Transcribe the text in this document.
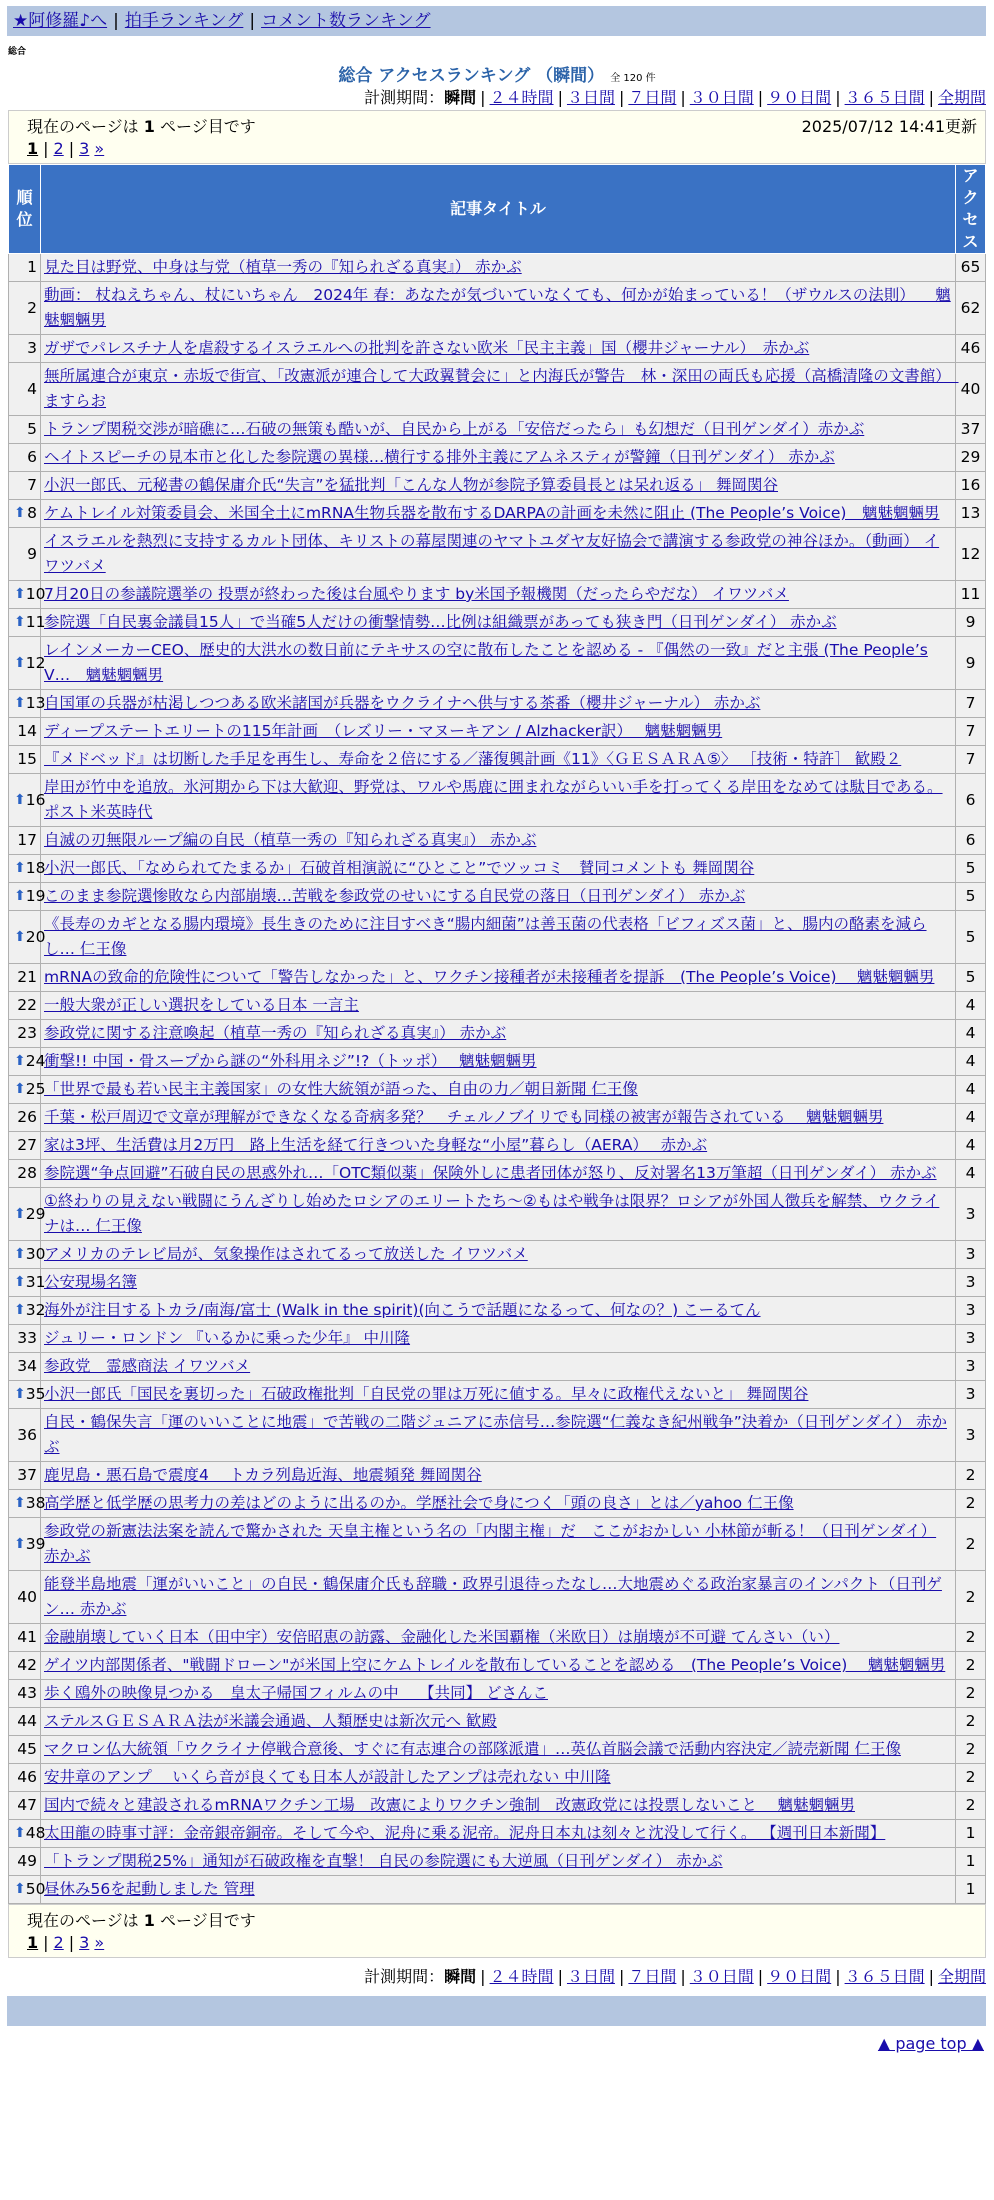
★阿修羅♪へ | 拍手ランキング | コメント数ランキング
総合
総合 アクセスランキング （瞬間） 全 120 件
計測期間：瞬間 | ２４時間 | ３日間 | ７日間 | ３０日間 | ９０日間 | ３６５日間 | 全期間
現在のページは 1 ページ目です	2025/07/12 14:41更新
1 | 2 | 3 »
順位	記事タイトル	アクセス
1	見た目は野党、中身は与党（植草一秀の『知られざる真実』） 赤かぶ	65
2	動画： 杖ねえちゃん、杖にいちゃん　2024年 春：あなたが気づいていなくても、何かが始まっている！（ザウルスの法則） 　魑魅魍魎男	62
3	ガザでパレスチナ人を虐殺するイスラエルへの批判を許さない欧米「民主主義」国（櫻井ジャーナル）　赤かぶ	46
4	無所属連合が東京・赤坂で街宣、「改憲派が連合して大政翼賛会に」と内海氏が警告　林・深田の両氏も応援（高橋清隆の文書館）　ますらお	40
5	トランプ関税交渉が暗礁に…石破の無策も酷いが、自民から上がる「安倍だったら」も幻想だ（日刊ゲンダイ）赤かぶ	37
6	ヘイトスピーチの見本市と化した参院選の異様…横行する排外主義にアムネスティが警鐘（日刊ゲンダイ） 赤かぶ	29
7	小沢一郎氏、元秘書の鶴保庸介氏“失言”を猛批判「こんな人物が参院予算委員長とは呆れ返る」 舞岡関谷	16

⬆ 8	ケムトレイル対策委員会、米国全土にmRNA生物兵器を散布するDARPAの計画を未然に阻止 (The People’s Voice)　魑魅魍魎男	13
9	イスラエルを熱烈に支持するカルト団体、キリストの幕屋関連のヤマトユダヤ友好協会で講演する参政党の神谷ほか。（動画） イワツバメ	12

⬆ 10	7月20日の参議院選挙の 投票が終わった後は台風やります by米国予報機関（だったらやだな） イワツバメ	11

⬆ 11	参院選「自民裏金議員15人」で当確5人だけの衝撃情勢…比例は組織票があっても狭き門（日刊ゲンダイ） 赤かぶ	9

⬆ 12	レインメーカーCEO、歴史的大洪水の数日前にテキサスの空に散布したことを認める - 『偶然の一致』だと主張 (The People’s V…　魑魅魍魎男	9

⬆ 13	自国軍の兵器が枯渇しつつある欧米諸国が兵器をウクライナへ供与する茶番（櫻井ジャーナル） 赤かぶ	7
14	ディープステートエリートの115年計画　（レズリー・マヌーキアン / Alzhacker訳）　 魑魅魍魎男	7
15	『メドベッド』は切断した手足を再生し、寿命を２倍にする／藩復興計画《11》〈ＧＥＳＡＲＡ⑤〉 ［技術・特許］ 歓殿２	7

⬆ 16	岸田が竹中を追放。氷河期から下は大歓迎、野党は、ワルや馬鹿に囲まれながらいい手を打ってくる岸田をなめては駄目である。 ポスト米英時代	6
17	自滅の刃無限ループ編の自民（植草一秀の『知られざる真実』） 赤かぶ	6

⬆ 18	小沢一郎氏、「なめられてたまるか」石破首相演説に“ひとこと”でツッコミ　賛同コメントも 舞岡関谷	5

⬆ 19	このまま参院選惨敗なら内部崩壊…苦戦を参政党のせいにする自民党の落日（日刊ゲンダイ） 赤かぶ	5

⬆ 20	《長寿のカギとなる腸内環境》長生きのために注目すべき“腸内細菌”は善玉菌の代表格「ビフィズス菌」と、腸内の酪素を減らし… 仁王像	5
21	mRNAの致命的危険性について「警告しなかった」と、ワクチン接種者が未接種者を提訴　(The People’s Voice)　 魑魅魍魎男	5
22	一般大衆が正しい選択をしている日本 一言主	4
23	参政党に関する注意喚起（植草一秀の『知られざる真実』） 赤かぶ	4

⬆ 24	衝撃!! 中国・骨スープから謎の“外科用ネジ”!?（トッポ）　 魑魅魍魎男	4

⬆ 25	「世界で最も若い民主主義国家」の女性大統領が語った、自由の力／朝日新聞 仁王像	4
26	千葉・松戸周辺で文章が理解ができなくなる奇病多発？　チェルノブイリでも同様の被害が報告されている　 魑魅魍魎男	4
27	家は3坪、生活費は月2万円　路上生活を経て行きついた身軽な“小屋”暮らし（AERA）　 赤かぶ	4
28	参院選“争点回避”石破自民の思惑外れ…「OTC類似薬」保険外しに患者団体が怒り、反対署名13万筆超（日刊ゲンダイ） 赤かぶ	4

⬆ 29	①終わりの見えない戦闘にうんざりし始めたロシアのエリートたち～②もはや戦争は限界？ロシアが外国人徴兵を解禁、ウクライナは… 仁王像	3

⬆ 30	アメリカのテレビ局が、気象操作はされてるって放送した イワツバメ	3

⬆ 31	公安現場名簿	3

⬆ 32	海外が注目するトカラ/南海/富士 (Walk in the spirit)(向こうで話題になるって、何なの？) こーるてん	3
33	ジュリー・ロンドン 『いるかに乗った少年』 中川隆	3
34	参政党　霊感商法 イワツバメ	3

⬆ 35	小沢一郎氏「国民を裏切った」石破政権批判「自民党の罪は万死に値する。早々に政権代えないと」 舞岡関谷	3
36	自民・鶴保失言「運のいいことに地震」で苦戦の二階ジュニアに赤信号…参院選“仁義なき紀州戦争”決着か（日刊ゲンダイ） 赤かぶ	3
37	鹿児島・悪石島で震度4　 トカラ列島近海、地震頻発 舞岡関谷	2

⬆ 38	高学歴と低学歴の思考力の差はどのように出るのか。学歴社会で身につく「頭の良さ」とは／yahoo 仁王像	2

⬆ 39	参政党の新憲法法案を読んで驚かされた 天皇主権という名の「内閣主権」だ　ここがおかしい 小林節が斬る！（日刊ゲンダイ） 赤かぶ	2
40	能登半島地震「運がいいこと」の自民・鶴保庸介氏も辞職・政界引退待ったなし…大地震めぐる政治家暴言のインパクト（日刊ゲン… 赤かぶ	2
41	金融崩壊していく日本（田中宇）安倍昭恵の訪露、金融化した米国覇権（米欧日）は崩壊が不可避 てんさい（い）	2
42	ゲイツ内部関係者、"戦闘ドローン"が米国上空にケムトレイルを散布していることを認める　(The People’s Voice)　 魑魅魍魎男	2
43	歩く鴎外の映像見つかる　皇太子帰国フィルムの中　 【共同】 どさんこ	2
44	ステルスＧＥＳＡＲＡ法が米議会通過、人類歴史は新次元へ 歓殿	2
45	マクロン仏大統領「ウクライナ停戦合意後、すぐに有志連合の部隊派遣」…英仏首脳会議で活動内容決定／読売新聞 仁王像	2
46	安井章のアンプ　 いくら音が良くても日本人が設計したアンプは売れない 中川隆	2
47	国内で続々と建設されるmRNAワクチン工場　改憲によりワクチン強制　改憲政党には投票しないこと　 魑魅魍魎男	2

⬆ 48	太田龍の時事寸評：金帝銀帝銅帝。そして今や、泥舟に乗る泥帝。泥舟日本丸は刻々と沈没して行く。 【週刊日本新聞】	1
49	「トランプ関税25%」通知が石破政権を直撃！ 自民の参院選にも大逆風（日刊ゲンダイ） 赤かぶ	1

⬆ 50	昼休み56を起動しました 管理	1
現在のページは 1 ページ目です
1 | 2 | 3 »
計測期間：瞬間 | ２４時間 | ３日間 | ７日間 | ３０日間 | ９０日間 | ３６５日間 | 全期間
▲ page top ▲
